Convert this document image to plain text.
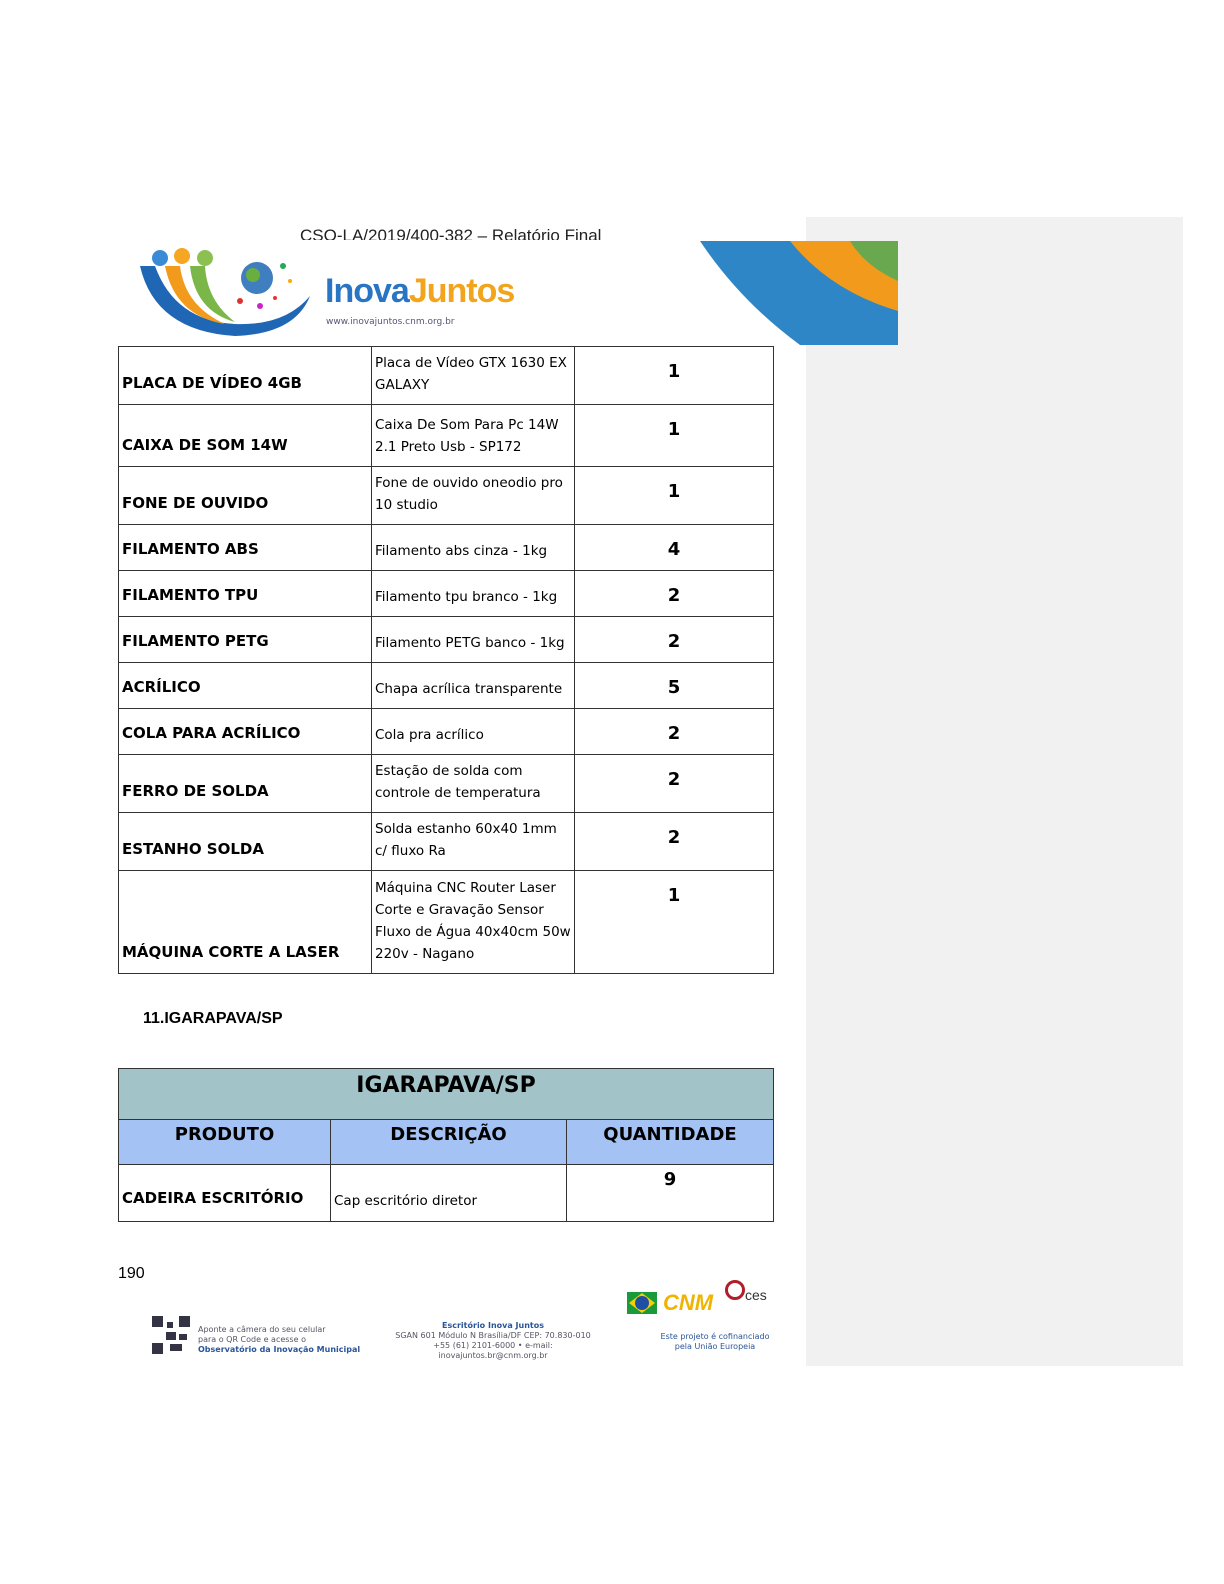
CSO-LA/2019/400-382 – Relatório Final
InovaJuntos
www.inovajuntos.cnm.org.br
PLACA DE VÍDEO 4GB	Placa de Vídeo GTX 1630 EX GALAXY	1
CAIXA DE SOM 14W	Caixa De Som Para Pc 14W 2.1 Preto Usb - SP172	1
FONE DE OUVIDO	Fone de ouvido oneodio pro 10 studio	1
FILAMENTO ABS	Filamento abs cinza - 1kg	4
FILAMENTO TPU	Filamento tpu branco - 1kg	2
FILAMENTO PETG	Filamento PETG banco - 1kg	2
ACRÍLICO	Chapa acrílica transparente	5
COLA PARA ACRÍLICO	Cola pra acrílico	2
FERRO DE SOLDA	Estação de solda com controle de temperatura	2
ESTANHO SOLDA	Solda estanho 60x40 1mm c/ fluxo Ra	2
MÁQUINA CORTE A LASER	Máquina CNC Router Laser Corte e Gravação Sensor Fluxo de Água 40x40cm 50w 220v - Nagano	1
11.IGARAPAVA/SP
IGARAPAVA/SP		
PRODUTO	DESCRIÇÃO	QUANTIDADE
CADEIRA ESCRITÓRIO	Cap escritório diretor	9
190
Aponte a câmera do seu celular
para o QR Code e acesse o
Observatório da Inovação Municipal
Escritório Inova Juntos
SGAN 601 Módulo N Brasília/DF CEP: 70.830-010
+55 (61) 2101-6000 • e-mail: inovajuntos.br@cnm.org.br
CNM	ces
Este projeto é cofinanciado
pela União Europeia
